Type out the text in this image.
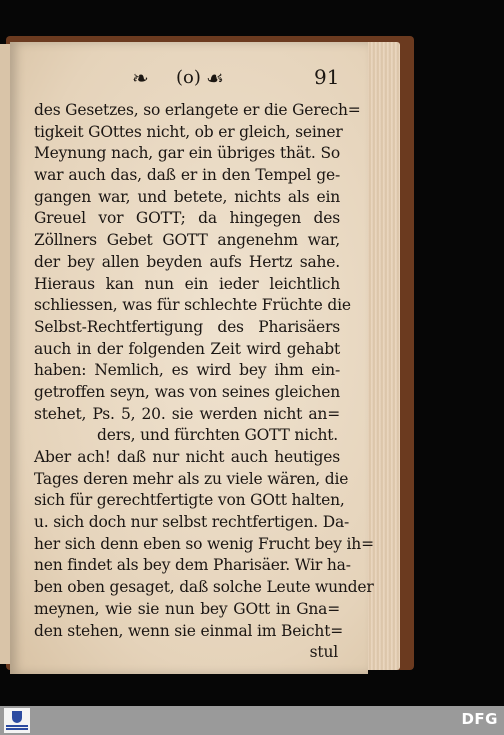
❧ (o) ☙	91
des Gesetzes, so erlangete er die Gerech=
tigkeit GOttes nicht, ob er gleich, seiner
Meynung nach, gar ein übriges thät. So
war auch das, daß er in den Tempel ge-
gangen war, und betete, nichts als ein
Greuel vor GOTT; da hingegen des
Zöllners Gebet GOTT angenehm war,
der bey allen beyden aufs Hertz sahe.
Hieraus kan nun ein ieder leichtlich
schliessen, was für schlechte Früchte die
Selbst-Rechtfertigung des Pharisäers
auch in der folgenden Zeit wird gehabt
haben: Nemlich, es wird bey ihm ein-
getroffen seyn, was von seines gleichen
stehet, Ps. 5, 20. sie werden nicht an=
ders, und fürchten GOTT nicht.
Aber ach! daß nur nicht auch heutiges
Tages deren mehr als zu viele wären, die
sich für gerechtfertigte von GOtt halten,
u. sich doch nur selbst rechtfertigen. Da-
her sich denn eben so wenig Frucht bey ih=
nen findet als bey dem Pharisäer. Wir ha-
ben oben gesaget, daß solche Leute wunder
meynen, wie sie nun bey GOtt in Gna=
den stehen, wenn sie einmal im Beicht=
stul
DFG
